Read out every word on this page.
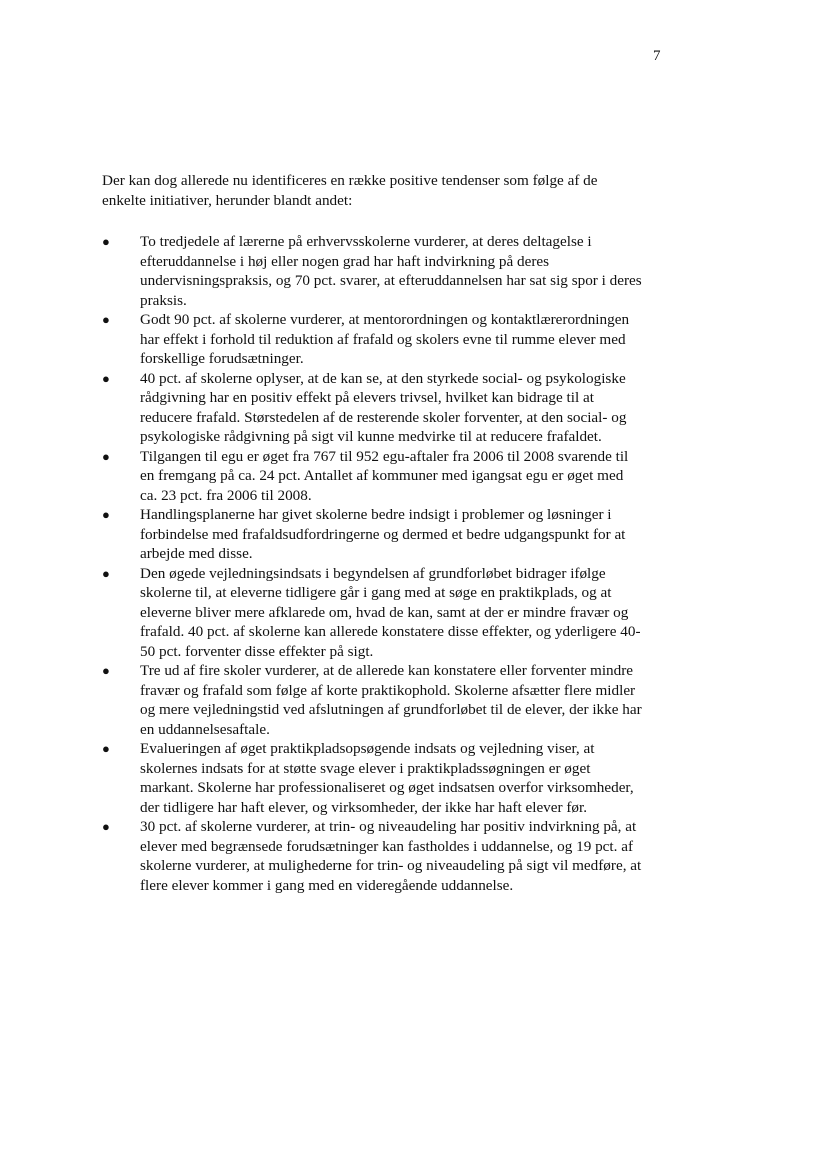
7

Der kan dog allerede nu identificeres en række positive tendenser som følge af de enkelte initiativer, herunder blandt andet:

●	To tredjedele af lærerne på erhvervsskolerne vurderer, at deres deltagelse i efteruddannelse i høj eller nogen grad har haft indvirkning på deres undervisningspraksis, og 70 pct. svarer, at efteruddannelsen har sat sig spor i deres praksis.
●	Godt 90 pct. af skolerne vurderer, at mentorordningen og kontaktlærerordningen har effekt i forhold til reduktion af frafald og skolers evne til rumme elever med forskellige forudsætninger.
●	40 pct. af skolerne oplyser, at de kan se, at den styrkede social- og psykologiske rådgivning har en positiv effekt på elevers trivsel, hvilket kan bidrage til at reducere frafald. Størstedelen af de resterende skoler forventer, at den social- og psykologiske rådgivning på sigt vil kunne medvirke til at reducere frafaldet.
●	Tilgangen til egu er øget fra 767 til 952 egu-aftaler fra 2006 til 2008 svarende til en fremgang på ca. 24 pct. Antallet af kommuner med igangsat egu er øget med ca. 23 pct. fra 2006 til 2008.
●	Handlingsplanerne har givet skolerne bedre indsigt i problemer og løsninger i forbindelse med frafaldsudfordringerne og dermed et bedre udgangspunkt for at arbejde med disse.
●	Den øgede vejledningsindsats i begyndelsen af grundforløbet bidrager ifølge skolerne til, at eleverne tidligere går i gang med at søge en praktikplads, og at eleverne bliver mere afklarede om, hvad de kan, samt at der er mindre fravær og frafald. 40 pct. af skolerne kan allerede konstatere disse effekter, og yderligere 40-50 pct. forventer disse effekter på sigt.
●	Tre ud af fire skoler vurderer, at de allerede kan konstatere eller forventer mindre fravær og frafald som følge af korte praktikophold. Skolerne afsætter flere midler og mere vejledningstid ved afslutningen af grundforløbet til de elever, der ikke har en uddannelsesaftale.
●	Evalueringen af øget praktikpladsopsøgende indsats og vejledning viser, at skolernes indsats for at støtte svage elever i praktikpladssøgningen er øget markant. Skolerne har professionaliseret og øget indsatsen overfor virksomheder, der tidligere har haft elever, og virksomheder, der ikke har haft elever før.
●	30 pct. af skolerne vurderer, at trin- og niveaudeling har positiv indvirkning på, at elever med begrænsede forudsætninger kan fastholdes i uddannelse, og 19 pct. af skolerne vurderer, at mulighederne for trin- og niveaudeling på sigt vil medføre, at flere elever kommer i gang med en videregående uddannelse.
